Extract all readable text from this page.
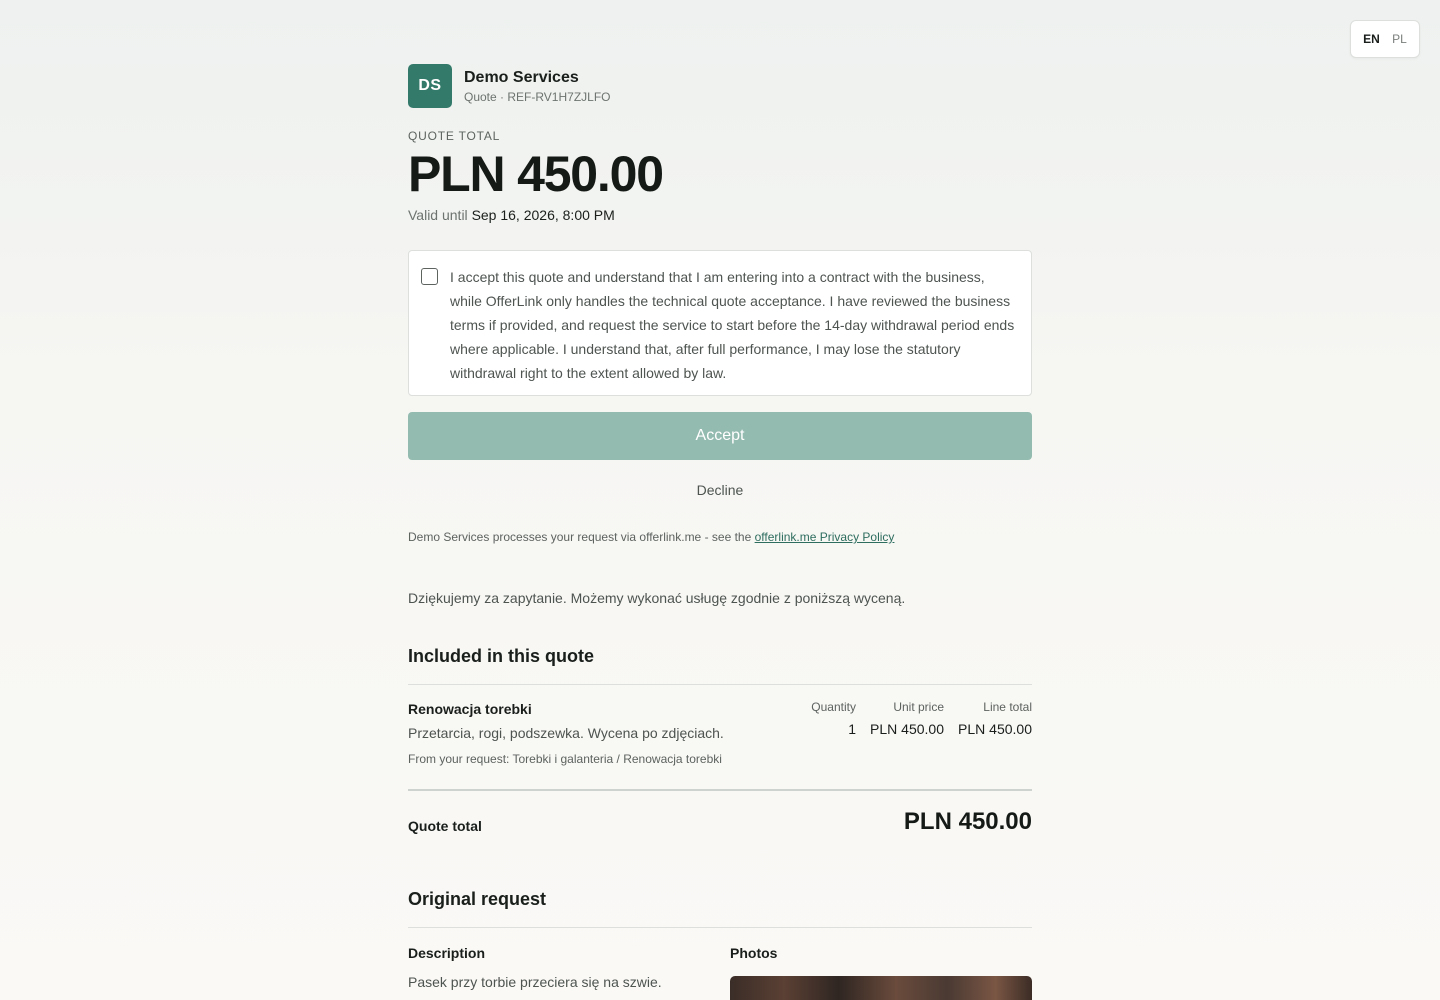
EN	PL
DS	Demo Services
Quote · REF-RV1H7ZJLFO
QUOTE TOTAL
PLN 450.00
Valid until Sep 16, 2026, 8:00 PM
I accept this quote and understand that I am entering into a contract with the business, while OfferLink only handles the technical quote acceptance. I have reviewed the business terms if provided, and request the service to start before the 14-day withdrawal period ends where applicable. I understand that, after full performance, I may lose the statutory withdrawal right to the extent allowed by law.
Accept
Decline
Demo Services processes your request via offerlink.me - see the offerlink.me Privacy Policy
Dziękujemy za zapytanie. Możemy wykonać usługę zgodnie z poniższą wyceną.
Included in this quote
Renowacja torebki
Przetarcia, rogi, podszewka. Wycena po zdjęciach.
From your request: Torebki i galanteria / Renowacja torebki
Quantity	Unit price	Line total
1 PLN 450.00 PLN 450.00
Quote total	PLN 450.00
Original request
Description
Pasek przy torbie przeciera się na szwie.
Photos
